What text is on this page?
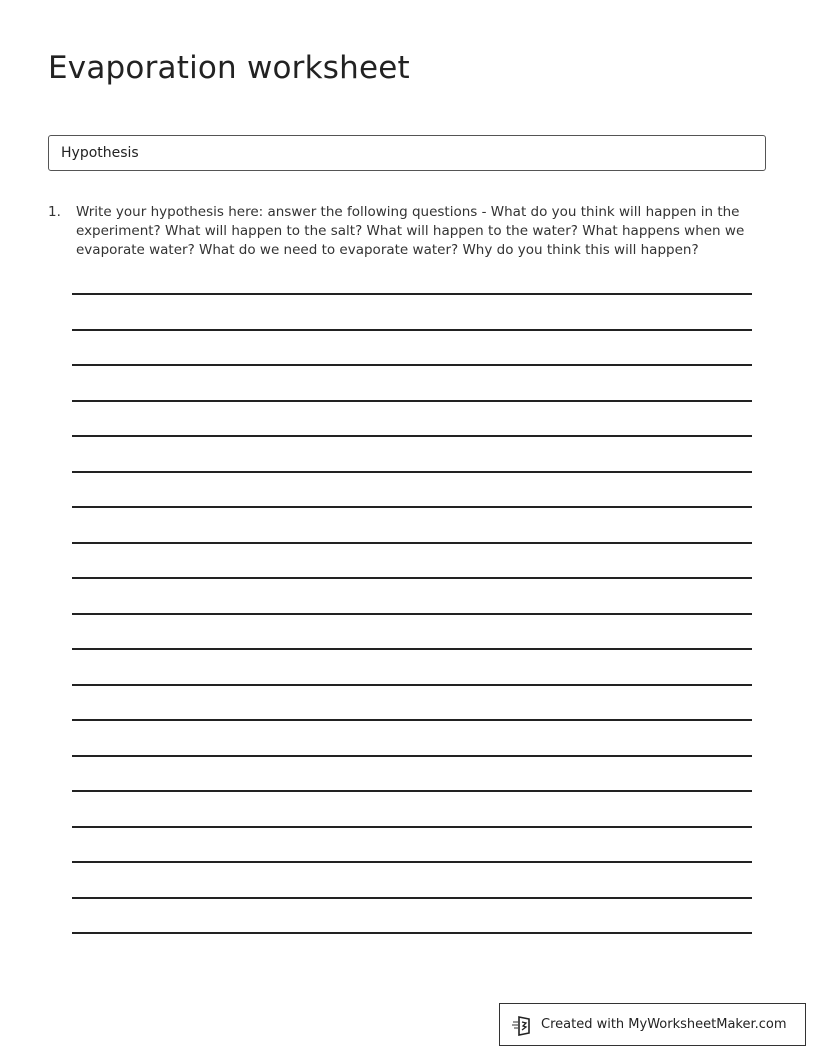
Evaporation worksheet
Hypothesis
1.	Write your hypothesis here: answer the following questions - What do you think will happen in the experiment? What will happen to the salt? What will happen to the water? What happens when we evaporate water? What do we need to evaporate water? Why do you think this will happen?
Created with MyWorksheetMaker.com
